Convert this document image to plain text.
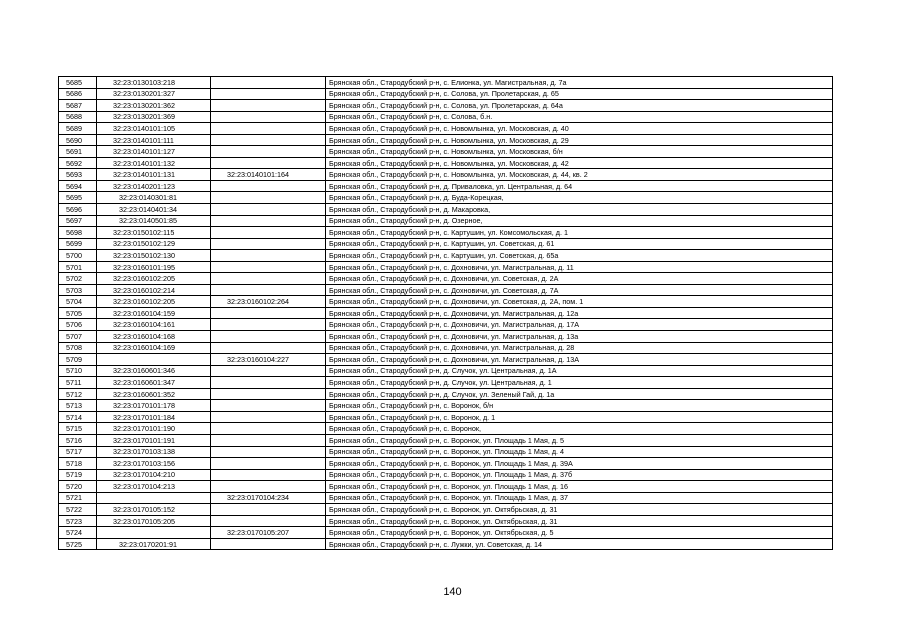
5685	32:23:0130103:218		Брянская обл., Стародубский р-н, с. Елионка, ул. Магистральная, д. 7а
5686	32:23:0130201:327		Брянская обл., Стародубский р-н, с. Солова, ул. Пролетарская, д. 65
5687	32:23:0130201:362		Брянская обл., Стародубский р-н, с. Солова, ул. Пролетарская, д. 64а
5688	32:23:0130201:369		Брянская обл., Стародубский р-н, с. Солова, б.н.
5689	32:23:0140101:105		Брянская обл., Стародубский р-н, с. Новомлынка, ул. Московская, д. 40
5690	32:23:0140101:111		Брянская обл., Стародубский р-н, с. Новомлынка, ул. Московская, д. 29
5691	32:23:0140101:127		Брянская обл., Стародубский р-н, с. Новомлынка, ул. Московская, б/н
5692	32:23:0140101:132		Брянская обл., Стародубский р-н, с. Новомлынка, ул. Московская, д. 42
5693	32:23:0140101:131	32:23:0140101:164	Брянская обл., Стародубский р-н, с. Новомлынка, ул. Московская, д. 44, кв. 2
5694	32:23:0140201:123		Брянская обл., Стародубский р-н, д. Приваловка, ул. Центральная, д. 64
5695	32:23:0140301:81		Брянская обл., Стародубский р-н, д. Буда-Корецкая,
5696	32:23:0140401:34		Брянская обл., Стародубский р-н, д. Макаровка,
5697	32:23:0140501:85		Брянская обл., Стародубский р-н, д. Озерное,
5698	32:23:0150102:115		Брянская обл., Стародубский р-н, с. Картушин, ул. Комсомольская, д. 1
5699	32:23:0150102:129		Брянская обл., Стародубский р-н, с. Картушин, ул. Советская, д. 61
5700	32:23:0150102:130		Брянская обл., Стародубский р-н, с. Картушин, ул. Советская, д. 65а
5701	32:23:0160101:195		Брянская обл., Стародубский р-н, с. Дохновичи, ул. Магистральная, д. 11
5702	32:23:0160102:205		Брянская обл., Стародубский р-н, с. Дохновичи, ул. Советская, д. 2А
5703	32:23:0160102:214		Брянская обл., Стародубский р-н, с. Дохновичи, ул. Советская, д. 7А
5704	32:23:0160102:205	32:23:0160102:264	Брянская обл., Стародубский р-н, с. Дохновичи, ул. Советская, д. 2А, пом. 1
5705	32:23:0160104:159		Брянская обл., Стародубский р-н, с. Дохновичи, ул. Магистральная, д. 12а
5706	32:23:0160104:161		Брянская обл., Стародубский р-н, с. Дохновичи, ул. Магистральная, д. 17А
5707	32:23:0160104:168		Брянская обл., Стародубский р-н, с. Дохновичи, ул. Магистральная, д. 13а
5708	32:23:0160104:169		Брянская обл., Стародубский р-н, с. Дохновичи, ул. Магистральная, д. 28
5709		32:23:0160104:227	Брянская обл., Стародубский р-н, с. Дохновичи, ул. Магистральная, д. 13А
5710	32:23:0160601:346		Брянская обл., Стародубский р-н, д. Случок, ул. Центральная, д. 1А
5711	32:23:0160601:347		Брянская обл., Стародубский р-н, д. Случок, ул. Центральная, д. 1
5712	32:23:0160601:352		Брянская обл., Стародубский р-н, д. Случок, ул. Зеленый Гай, д. 1а
5713	32:23:0170101:178		Брянская обл., Стародубский р-н, с. Воронок, б/н
5714	32:23:0170101:184		Брянская обл., Стародубский р-н, с. Воронок, д. 1
5715	32:23:0170101:190		Брянская обл., Стародубский р-н, с. Воронок,
5716	32:23:0170101:191		Брянская обл., Стародубский р-н, с. Воронок, ул. Площадь 1 Мая, д. 5
5717	32:23:0170103:138		Брянская обл., Стародубский р-н, с. Воронок, ул. Площадь 1 Мая, д. 4
5718	32:23:0170103:156		Брянская обл., Стародубский р-н, с. Воронок, ул. Площадь 1 Мая, д. 39А
5719	32:23:0170104:210		Брянская обл., Стародубский р-н, с. Воронок, ул. Площадь 1 Мая, д. 37б
5720	32:23:0170104:213		Брянская обл., Стародубский р-н, с. Воронок, ул. Площадь 1 Мая, д. 16
5721		32:23:0170104:234	Брянская обл., Стародубский р-н, с. Воронок, ул. Площадь 1 Мая, д. 37
5722	32:23:0170105:152		Брянская обл., Стародубский р-н, с. Воронок, ул. Октябрьская, д. 31
5723	32:23:0170105:205		Брянская обл., Стародубский р-н, с. Воронок, ул. Октябрьская, д. 31
5724		32:23:0170105:207	Брянская обл., Стародубский р-н, с. Воронок, ул. Октябрьская, д. 5
5725	32:23:0170201:91		Брянская обл., Стародубский р-н, с. Лужки, ул. Советская, д. 14
140
